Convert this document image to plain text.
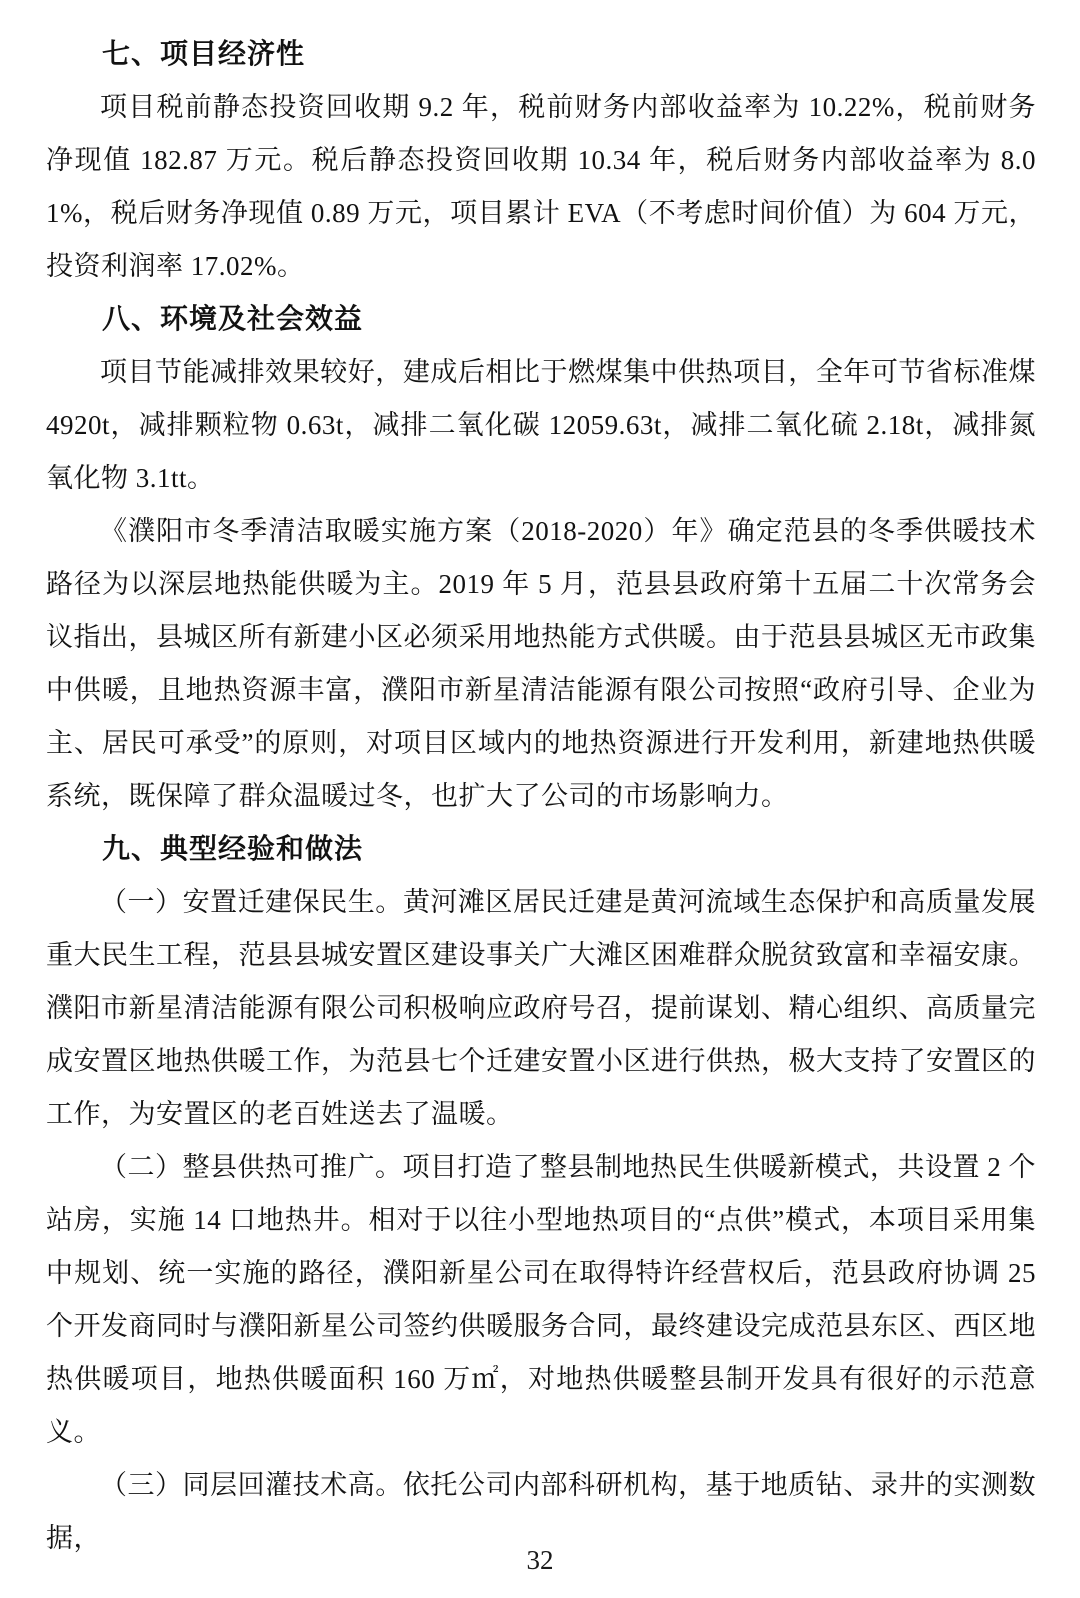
七、项目经济性

项目税前静态投资回收期 9.2 年，税前财务内部收益率为 10.22%，税前财务净现值 182.87 万元。税后静态投资回收期 10.34 年，税后财务内部收益率为 8.01%，税后财务净现值 0.89 万元，项目累计 EVA（不考虑时间价值）为 604 万元，投资利润率 17.02%。

八、环境及社会效益

项目节能减排效果较好，建成后相比于燃煤集中供热项目，全年可节省标准煤 4920t，减排颗粒物 0.63t，减排二氧化碳 12059.63t，减排二氧化硫 2.18t，减排氮氧化物 3.1tt。

《濮阳市冬季清洁取暖实施方案（2018-2020）年》确定范县的冬季供暖技术路径为以深层地热能供暖为主。2019 年 5 月，范县县政府第十五届二十次常务会议指出，县城区所有新建小区必须采用地热能方式供暖。由于范县县城区无市政集中供暖，且地热资源丰富，濮阳市新星清洁能源有限公司按照“政府引导、企业为主、居民可承受”的原则，对项目区域内的地热资源进行开发利用，新建地热供暖系统，既保障了群众温暖过冬，也扩大了公司的市场影响力。

九、典型经验和做法

（一）安置迁建保民生。黄河滩区居民迁建是黄河流域生态保护和高质量发展重大民生工程，范县县城安置区建设事关广大滩区困难群众脱贫致富和幸福安康。濮阳市新星清洁能源有限公司积极响应政府号召，提前谋划、精心组织、高质量完成安置区地热供暖工作，为范县七个迁建安置小区进行供热，极大支持了安置区的工作，为安置区的老百姓送去了温暖。

（二）整县供热可推广。项目打造了整县制地热民生供暖新模式，共设置 2 个站房，实施 14 口地热井。相对于以往小型地热项目的“点供”模式，本项目采用集中规划、统一实施的路径，濮阳新星公司在取得特许经营权后，范县政府协调 25 个开发商同时与濮阳新星公司签约供暖服务合同，最终建设完成范县东区、西区地热供暖项目，地热供暖面积 160 万㎡，对地热供暖整县制开发具有很好的示范意义。

（三）同层回灌技术高。依托公司内部科研机构，基于地质钻、录井的实测数据，

32
